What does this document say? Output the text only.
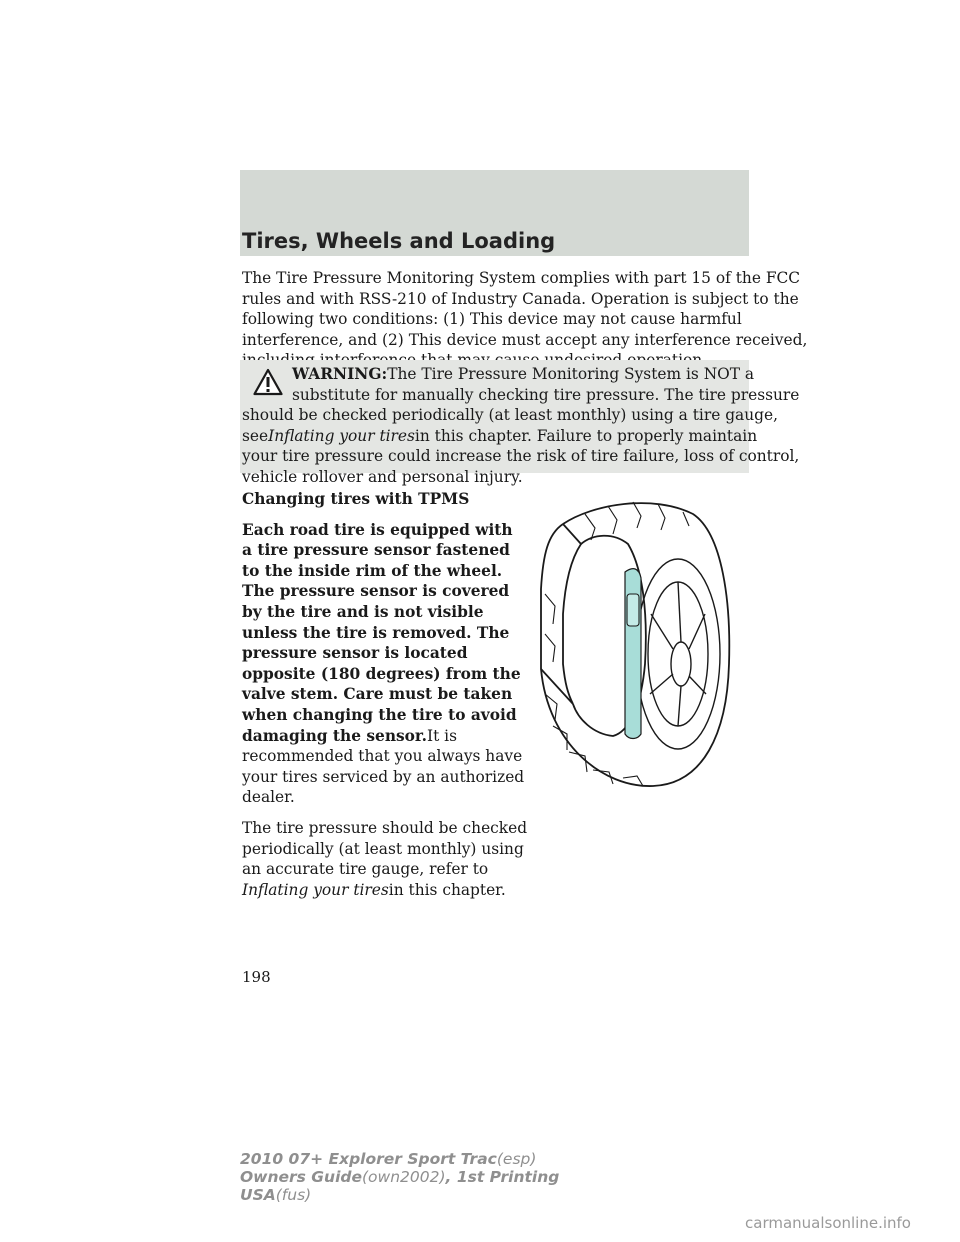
Tires, Wheels and Loading

The Tire Pressure Monitoring System complies with part 15 of the FCC
rules and with RSS-210 of Industry Canada. Operation is subject to the
following two conditions: (1) This device may not cause harmful
interference, and (2) This device must accept any interference received,

WARNING:The Tire Pressure Monitoring System is NOT a
substitute for manually checking tire pressure. The tire pressure
should be checked periodically (at least monthly) using a tire gauge,
seeInflating your tiresin this chapter. Failure to properly maintain
your tire pressure could increase the risk of tire failure, loss of control,
vehicle rollover and personal injury.

Changing tires with TPMS
Each road tire is equipped with
a tire pressure sensor fastened
to the inside rim of the wheel.
The pressure sensor is covered
by the tire and is not visible
unless the tire is removed. The
pressure sensor is located
opposite (180 degrees) from the
valve stem. Care must be taken
when changing the tire to avoid
damaging the sensor.It is
recommended that you always have
your tires serviced by an authorized
dealer.
The tire pressure should be checked
periodically (at least monthly) using
an accurate tire gauge, refer to
Inflating your tiresin this chapter.
198
2010 07+ Explorer Sport Trac(esp)
Owners Guide(own2002), 1st Printing
USA(fus)
carmanualsonline.info
